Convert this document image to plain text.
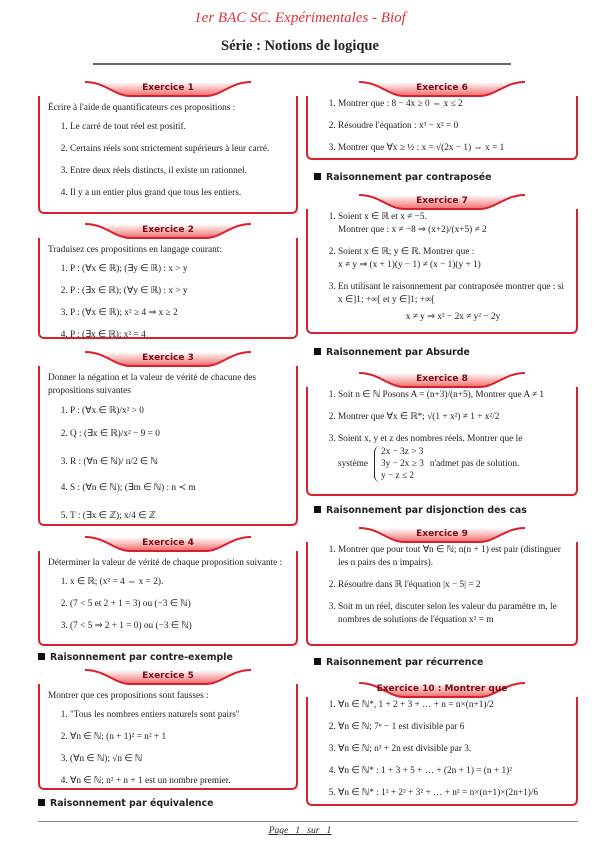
1er BAC SC. Expérimentales - Biof
Série : Notions de logique
Exercice 1
Écrire à l'aide de quantificateurs ces propositions :
1. Le carré de tout réel est positif.
2. Certains réels sont strictement supérieurs à leur carré.
3. Entre deux réels distincts, il existe un rationnel.
4. Il y a un entier plus grand que tous les entiers.
Exercice 2
Traduisez ces propositions en langage courant:
1. P : (∀x ∈ ℝ); (∃y ∈ ℝ) : x > y
2. P : (∃x ∈ ℝ); (∀y ∈ ℝ) : x > y
3. P : (∀x ∈ ℝ); x² ≥ 4 ⇒ x ≥ 2
4. P : (∃x ∈ ℝ); x² = 4
Exercice 3
Donner la négation et la valeur de vérité de chacune des propositions suivantes
1. P : (∀x ∈ ℝ)/x² > 0
2. Q : (∃x ∈ ℝ)/x² − 9 = 0
3. R : (∀n ∈ ℕ)/ n/2 ∈ ℕ
4. S : (∀n ∈ ℕ); (∃m ∈ ℕ) : n ≺ m
5. T : (∃x ∈ ℤ); x/4 ∈ ℤ
Exercice 4
Déterminer la valeur de vérité de chaque proposition suivante :
1. x ∈ ℝ; (x² = 4 ⇔ x = 2).
2. (7 < 5 et 2 + 1 = 3) ou (−3 ∈ ℕ)
3. (7 < 5 ⇒ 2 + 1 = 0) ou (−3 ∈ ℕ)
Raisonnement par contre-exemple
Exercice 5
Montrer que ces propositions sont fausses :
1. "Tous les nombres entiers naturels sont pairs"
2. ∀n ∈ ℕ; (n + 1)² = n² + 1
3. (∀n ∈ ℕ); √n ∈ ℕ
4. ∀n ∈ ℕ; n² + n + 1 est un nombre premier.
Raisonnement par équivalence
Exercice 6
1. Montrer que : 8 − 4x ≥ 0 ⇔ x ≤ 2
2. Résoudre l'équation : x³ − x² = 0
3. Montrer que ∀x ≥ ½ : x = √(2x − 1) ⇔ x = 1
Raisonnement par contraposée
Exercice 7
1. Soient x ∈ ℝ et x ≠ −5.
Montrer que : x ≠ −8 ⇒ (x+2)/(x+5) ≠ 2
2. Soient x ∈ ℝ; y ∈ ℝ. Montrer que :
x ≠ y ⇒ (x + 1)(y − 1) ≠ (x − 1)(y + 1)
3. En utilisant le raisonnement par contraposée montrer que : si x ∈]1; +∞[ et y ∈]1; +∞[
x ≠ y ⇒ x² − 2x ≠ y² − 2y
Raisonnement par Absurde
Exercice 8
1. Soit n ∈ ℕ Posons A = (n+3)/(n+5), Montrer que A ≠ 1
2. Montrer que ∀x ∈ ℝ*; √(1 + x²) ≠ 1 + x²/2
3. Soient x, y et z des nombres réels. Montrer que le
système
2x − 3z > 3
3y − 2x ≥ 3
y − z ≤ 2
n'admet pas de solution.
Raisonnement par disjonction des cas
Exercice 9
1. Montrer que pour tout ∀n ∈ ℕ; n(n + 1) est pair (distinguer les n pairs des n impairs).
2. Résoudre dans ℝ l'équation |x − 5| = 2
3. Soit m un réel, discuter selon les valeur du paramètre m, le nombres de solutions de l'équation x² = m
Raisonnement par récurrence
Exercice 10 : Montrer que
1. ∀n ∈ ℕ*, 1 + 2 + 3 + … + n = n×(n+1)/2
2. ∀n ∈ ℕ; 7ⁿ − 1 est divisible par 6
3. ∀n ∈ ℕ; n³ + 2n est divisible par 3.
4. ∀n ∈ ℕ* : 1 + 3 + 5 + … + (2n + 1) = (n + 1)²
5. ∀n ∈ ℕ* : 1² + 2² + 3² + … + n² = n×(n+1)×(2n+1)/6
Page 1 sur 1
